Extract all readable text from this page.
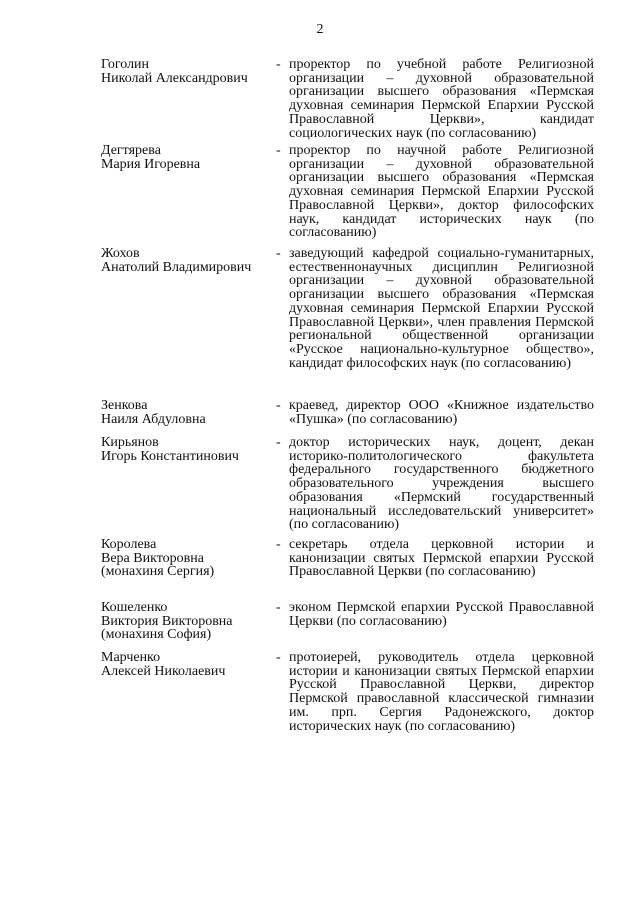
2
Гоголин
Николай Александрович
- проректор по учебной работе Религиозной организации – духовной образовательной организации высшего образования «Пермская духовная семинария Пермской Епархии Русской Православной Церкви», кандидат социологических наук (по согласованию)
Дегтярева
Мария Игоревна
- проректор по научной работе Религиозной организации – духовной образовательной организации высшего образования «Пермская духовная семинария Пермской Епархии Русской Православной Церкви», доктор философских наук, кандидат исторических наук (по согласованию)
Жохов
Анатолий Владимирович
- заведующий кафедрой социально-гуманитарных, естественнонаучных дисциплин Религиозной организации – духовной образовательной организации высшего образования «Пермская духовная семинария Пермской Епархии Русской Православной Церкви», член правления Пермской региональной общественной организации «Русское национально-культурное общество», кандидат философских наук (по согласованию)
Зенкова
Наиля Абдуловна
- краевед, директор ООО «Книжное издательство «Пушка» (по согласованию)
Кирьянов
Игорь Константинович
- доктор исторических наук, доцент, декан историко-политологического факультета федерального государственного бюджетного образовательного учреждения высшего образования «Пермский государственный национальный исследовательский университет» (по согласованию)
Королева
Вера Викторовна
(монахиня Сергия)
- секретарь отдела церковной истории и канонизации святых Пермской епархии Русской Православной Церкви (по согласованию)
Кошеленко
Виктория Викторовна
(монахиня София)
- эконом Пермской епархии Русской Православной Церкви (по согласованию)
Марченко
Алексей Николаевич
- протоиерей, руководитель отдела церковной истории и канонизации святых Пермской епархии Русской Православной Церкви, директор Пермской православной классической гимназии им. прп. Сергия Радонежского, доктор исторических наук (по согласованию)
